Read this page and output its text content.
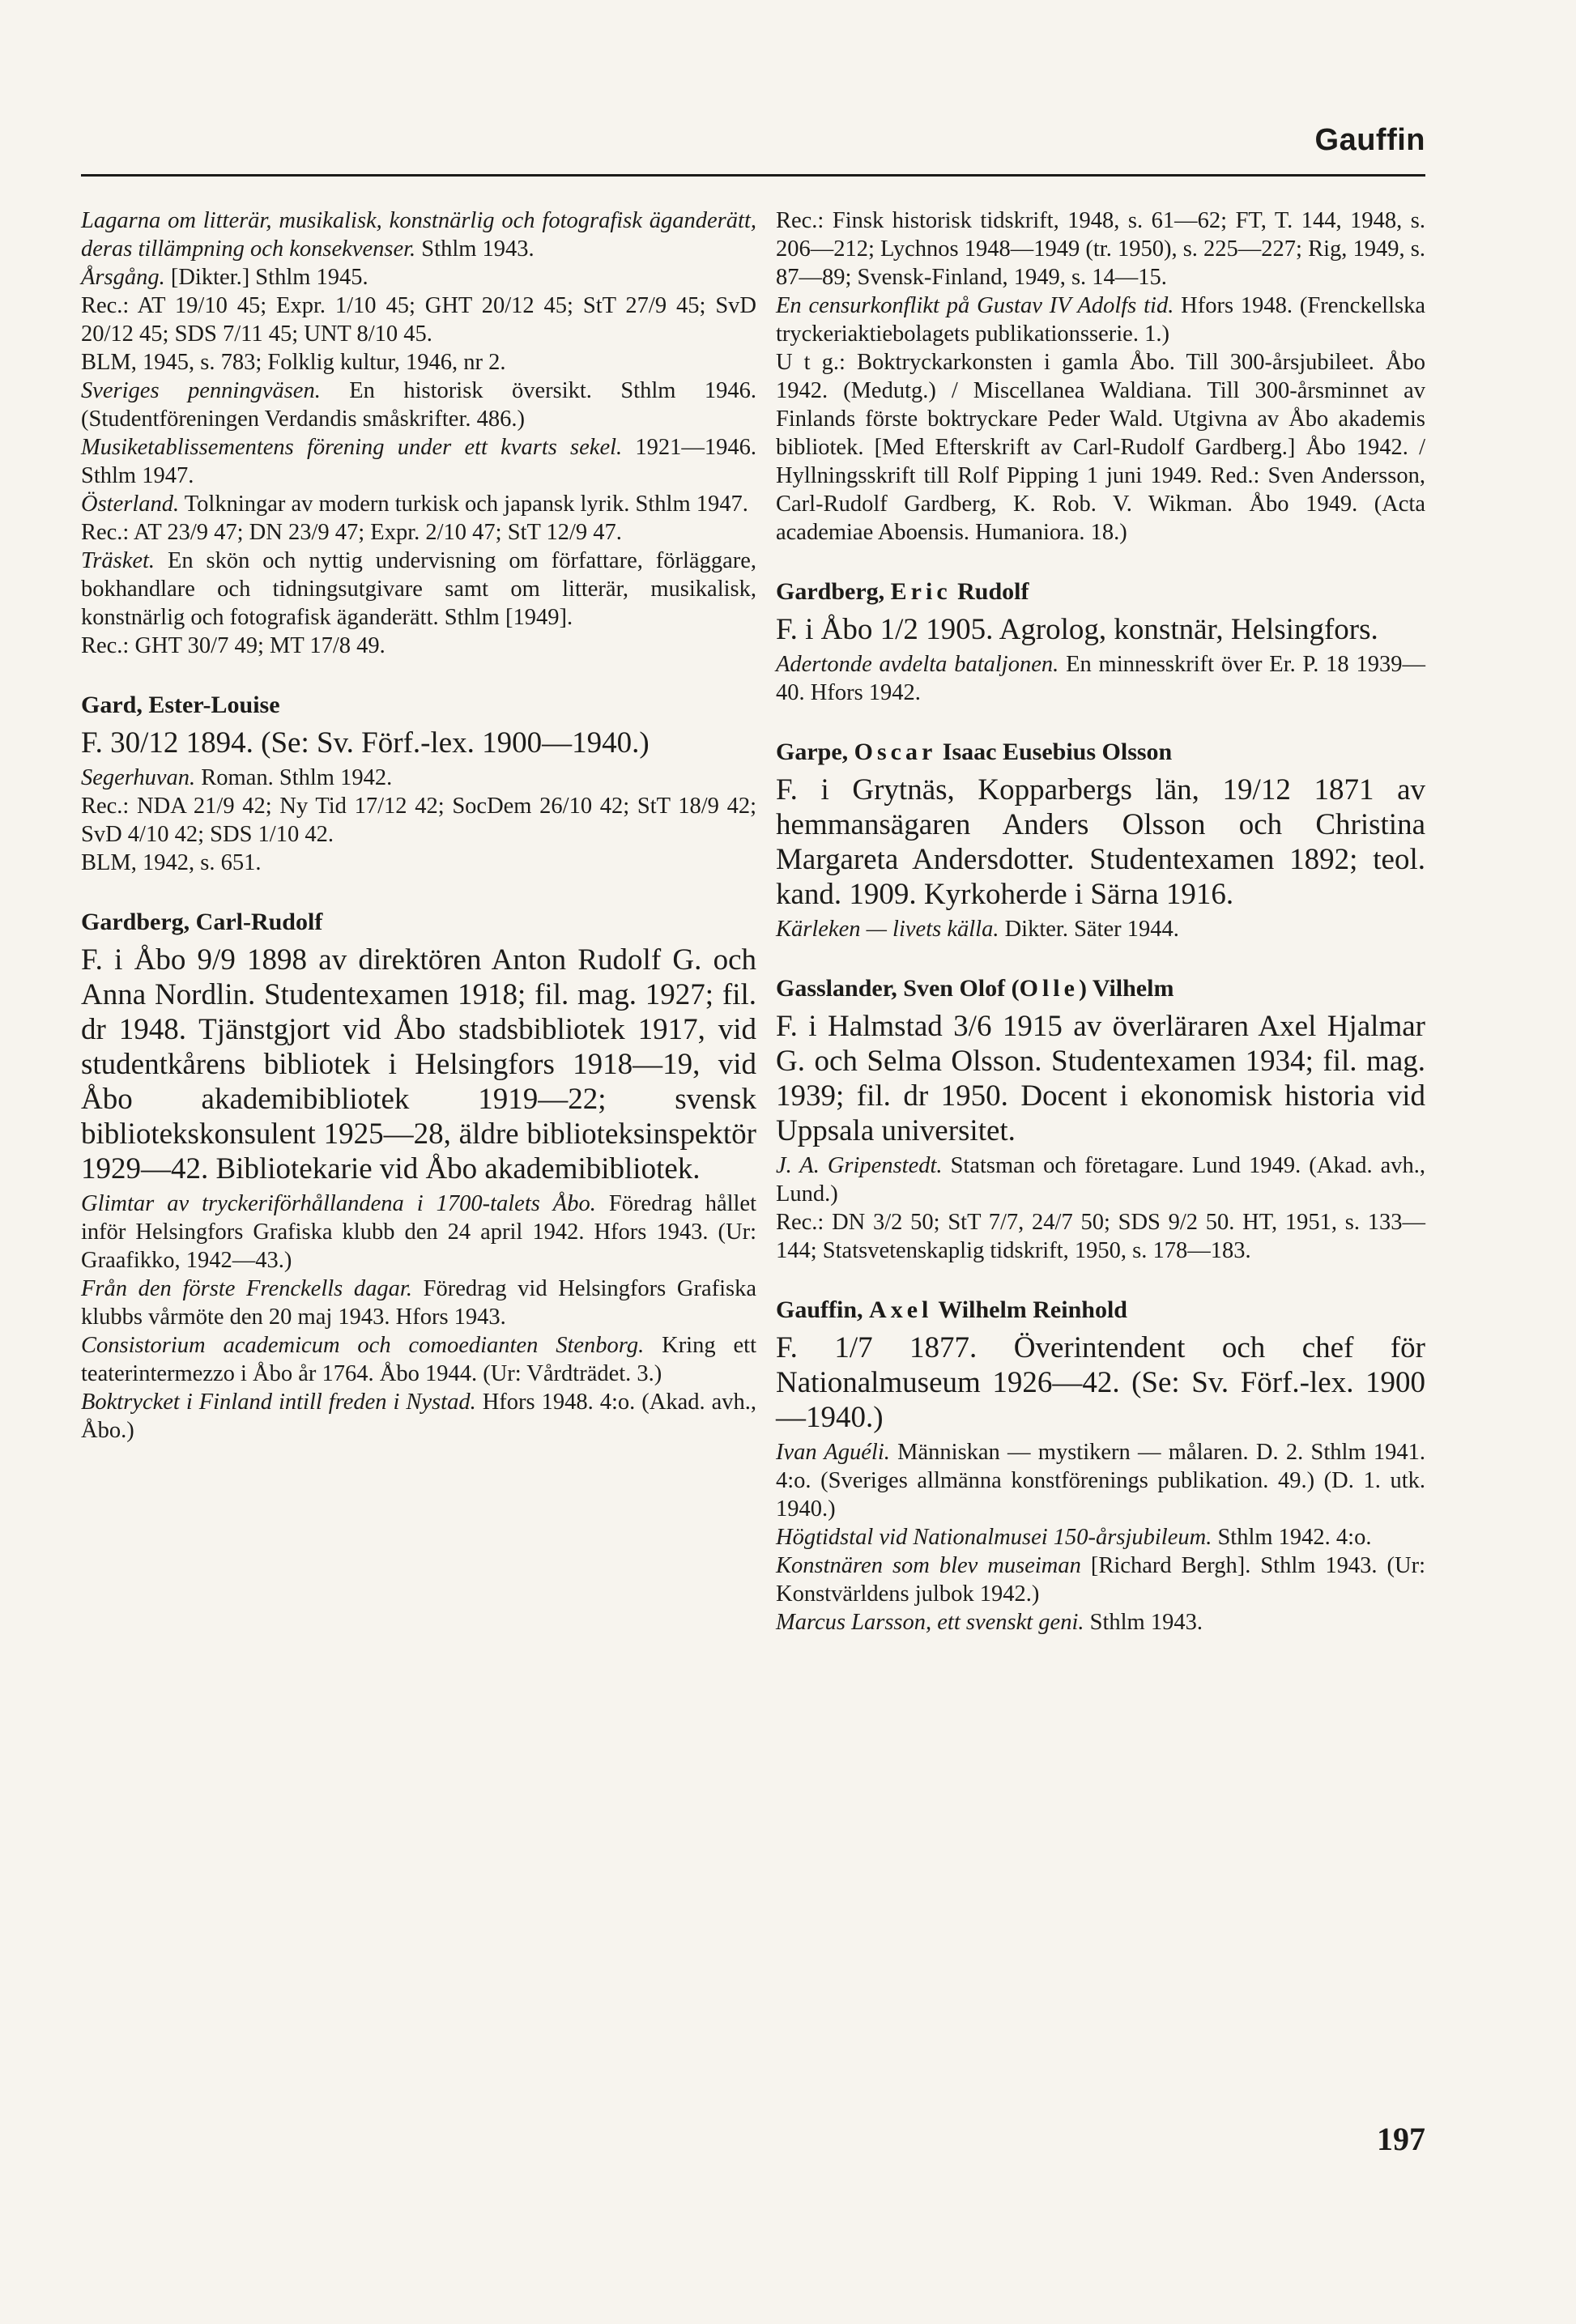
Gauffin

Lagarna om litterär, musikalisk, konstnärlig och fotografisk äganderätt, deras tillämpning och konsekvenser. Sthlm 1943.

Årsgång. [Dikter.] Sthlm 1945.

Rec.: AT 19/10 45; Expr. 1/10 45; GHT 20/12 45; StT 27/9 45; SvD 20/12 45; SDS 7/11 45; UNT 8/10 45.

BLM, 1945, s. 783; Folklig kultur, 1946, nr 2.

Sveriges penningväsen. En historisk översikt. Sthlm 1946. (Studentföreningen Verdandis småskrifter. 486.)

Musiketablissementens förening under ett kvarts sekel. 1921—1946. Sthlm 1947.

Österland. Tolkningar av modern turkisk och japansk lyrik. Sthlm 1947.

Rec.: AT 23/9 47; DN 23/9 47; Expr. 2/10 47; StT 12/9 47.

Träsket. En skön och nyttig undervisning om författare, förläggare, bokhandlare och tidningsutgivare samt om litterär, musikalisk, konstnärlig och fotografisk äganderätt. Sthlm [1949].

Rec.: GHT 30/7 49; MT 17/8 49.

Gard, Ester-Louise

F. 30/12 1894. (Se: Sv. Förf.-lex. 1900—1940.)

Segerhuvan. Roman. Sthlm 1942.

Rec.: NDA 21/9 42; Ny Tid 17/12 42; SocDem 26/10 42; StT 18/9 42; SvD 4/10 42; SDS 1/10 42.

BLM, 1942, s. 651.

Gardberg, Carl-Rudolf

F. i Åbo 9/9 1898 av direktören Anton Rudolf G. och Anna Nordlin. Studentexamen 1918; fil. mag. 1927; fil. dr 1948. Tjänstgjort vid Åbo stadsbibliotek 1917, vid studentkårens bibliotek i Helsingfors 1918—19, vid Åbo akademibibliotek 1919—22; svensk bibliotekskonsulent 1925—28, äldre biblioteksinspektör 1929—42. Bibliotekarie vid Åbo akademibibliotek.

Glimtar av tryckeriförhållandena i 1700-talets Åbo. Föredrag hållet inför Helsingfors Grafiska klubb den 24 april 1942. Hfors 1943. (Ur: Graafikko, 1942—43.)

Från den förste Frenckells dagar. Föredrag vid Helsingfors Grafiska klubbs vårmöte den 20 maj 1943. Hfors 1943.

Consistorium academicum och comoedianten Stenborg. Kring ett teaterintermezzo i Åbo år 1764. Åbo 1944. (Ur: Vårdträdet. 3.)

Boktrycket i Finland intill freden i Nystad. Hfors 1948. 4:o. (Akad. avh., Åbo.)

Rec.: Finsk historisk tidskrift, 1948, s. 61—62; FT, T. 144, 1948, s. 206—212; Lychnos 1948—1949 (tr. 1950), s. 225—227; Rig, 1949, s. 87—89; Svensk-Finland, 1949, s. 14—15.

En censurkonflikt på Gustav IV Adolfs tid. Hfors 1948. (Frenckellska tryckeriaktiebolagets publikationsserie. 1.)

U t g.: Boktryckarkonsten i gamla Åbo. Till 300-årsjubileet. Åbo 1942. (Medutg.) / Miscellanea Waldiana. Till 300-årsminnet av Finlands förste boktryckare Peder Wald. Utgivna av Åbo akademis bibliotek. [Med Efterskrift av Carl-Rudolf Gardberg.] Åbo 1942. / Hyllningsskrift till Rolf Pipping 1 juni 1949. Red.: Sven Andersson, Carl-Rudolf Gardberg, K. Rob. V. Wikman. Åbo 1949. (Acta academiae Aboensis. Humaniora. 18.)

Gardberg, Eric Rudolf

F. i Åbo 1/2 1905. Agrolog, konstnär, Helsingfors.

Adertonde avdelta bataljonen. En minnesskrift över Er. P. 18 1939—40. Hfors 1942.

Garpe, Oscar Isaac Eusebius Olsson

F. i Grytnäs, Kopparbergs län, 19/12 1871 av hemmansägaren Anders Olsson och Christina Margareta Andersdotter. Studentexamen 1892; teol. kand. 1909. Kyrkoherde i Särna 1916.

Kärleken — livets källa. Dikter. Säter 1944.

Gasslander, Sven Olof (Olle) Vilhelm

F. i Halmstad 3/6 1915 av överläraren Axel Hjalmar G. och Selma Olsson. Studentexamen 1934; fil. mag. 1939; fil. dr 1950. Docent i ekonomisk historia vid Uppsala universitet.

J. A. Gripenstedt. Statsman och företagare. Lund 1949. (Akad. avh., Lund.)

Rec.: DN 3/2 50; StT 7/7, 24/7 50; SDS 9/2 50. HT, 1951, s. 133—144; Statsvetenskaplig tidskrift, 1950, s. 178—183.

Gauffin, Axel Wilhelm Reinhold

F. 1/7 1877. Överintendent och chef för Nationalmuseum 1926—42. (Se: Sv. Förf.-lex. 1900—1940.)

Ivan Aguéli. Människan — mystikern — målaren. D. 2. Sthlm 1941. 4:o. (Sveriges allmänna konstförenings publikation. 49.) (D. 1. utk. 1940.)

Högtidstal vid Nationalmusei 150-årsjubileum. Sthlm 1942. 4:o.

Konstnären som blev museiman [Richard Bergh]. Sthlm 1943. (Ur: Konstvärldens julbok 1942.)

Marcus Larsson, ett svenskt geni. Sthlm 1943.

197
